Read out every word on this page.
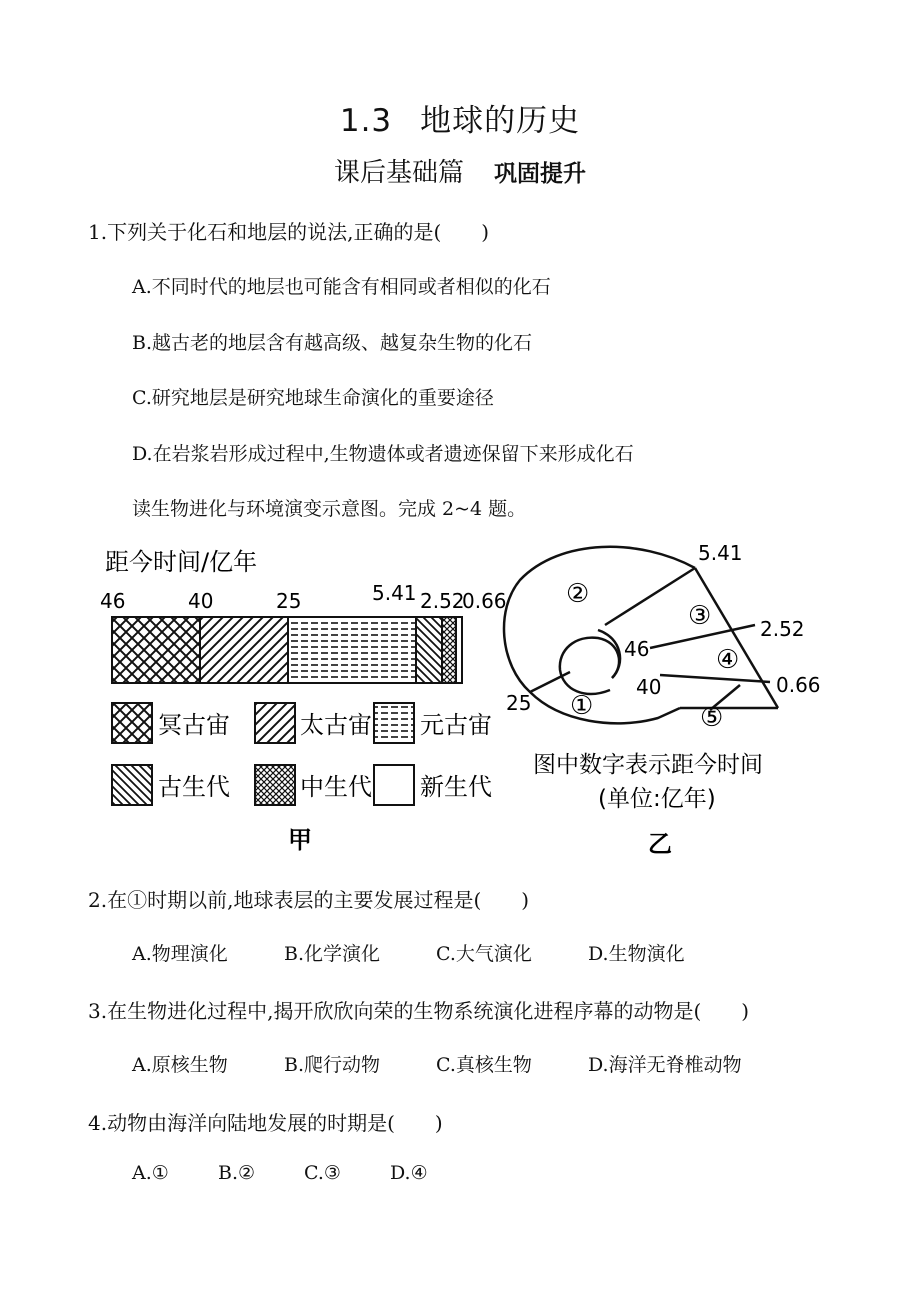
1.3 地球的历史
课后基础篇 巩固提升
1.下列关于化石和地层的说法,正确的是(　　)
A.不同时代的地层也可能含有相同或者相似的化石
B.越古老的地层含有越高级、越复杂生物的化石
C.研究地层是研究地球生命演化的重要途径
D.在岩浆岩形成过程中,生物遗体或者遗迹保留下来形成化石
读生物进化与环境演变示意图。完成 2~4 题。
距今时间/亿年
46	40	25	5.41 2.52
0.66
冥古宙	太古宙 元古宙
古生代	中生代 新生代
甲
5.41
2.52
0.66
46
40
25
②
③
④
①	⑤
图中数字表示距今时间
(单位:亿年)
乙
2.在①时期以前,地球表层的主要发展过程是(　　)
A.物理演化	B.化学演化	C.大气演化	D.生物演化
3.在生物进化过程中,揭开欣欣向荣的生物系统演化进程序幕的动物是(　　)
A.原核生物	B.爬行动物	C.真核生物	D.海洋无脊椎动物
4.动物由海洋向陆地发展的时期是(　　)
A.①	B.②	C.③	D.④
